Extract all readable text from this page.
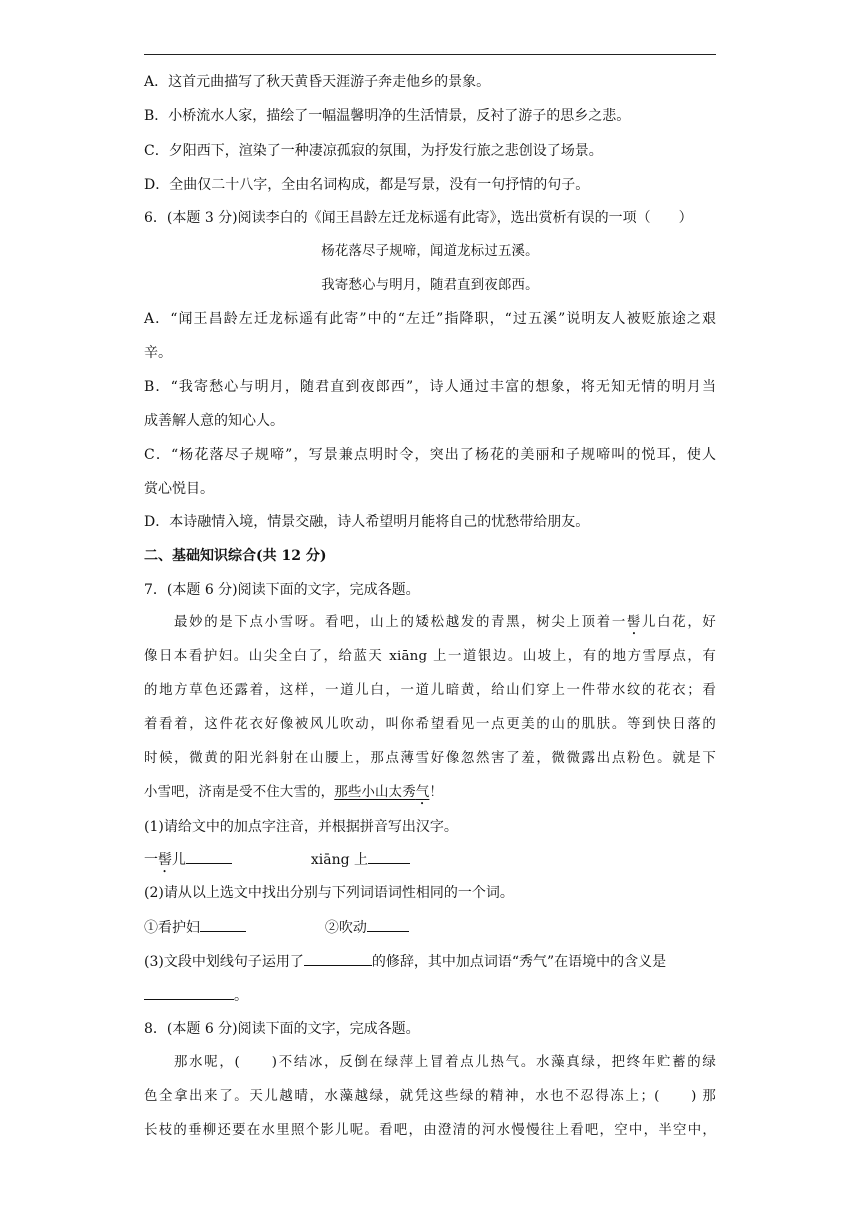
A．这首元曲描写了秋天黄昏天涯游子奔走他乡的景象。
B．小桥流水人家，描绘了一幅温馨明净的生活情景，反衬了游子的思乡之悲。
C．夕阳西下，渲染了一种凄凉孤寂的氛围，为抒发行旅之悲创设了场景。
D．全曲仅二十八字，全由名词构成，都是写景，没有一句抒情的句子。
6．(本题 3 分)阅读李白的《闻王昌龄左迁龙标遥有此寄》，选出赏析有误的一项（　　）
杨花落尽子规啼，闻道龙标过五溪。
我寄愁心与明月，随君直到夜郎西。
A．“闻王昌龄左迁龙标遥有此寄”中的“左迁”指降职，“过五溪”说明友人被贬旅途之艰
辛。
B．“我寄愁心与明月，随君直到夜郎西”，诗人通过丰富的想象，将无知无情的明月当
成善解人意的知心人。
C．“杨花落尽子规啼”，写景兼点明时令，突出了杨花的美丽和子规啼叫的悦耳，使人
赏心悦目。
D．本诗融情入境，情景交融，诗人希望明月能将自己的忧愁带给朋友。
二、基础知识综合(共 12 分)
7．(本题 6 分)阅读下面的文字，完成各题。
最妙的是下点小雪呀。看吧，山上的矮松越发的青黑，树尖上顶着一髻儿白花，好
像日本看护妇。山尖全白了，给蓝天 xiāng 上一道银边。山坡上，有的地方雪厚点，有
的地方草色还露着，这样，一道儿白，一道儿暗黄，给山们穿上一件带水纹的花衣；看
着看着，这件花衣好像被风儿吹动，叫你希望看见一点更美的山的肌肤。等到快日落的
时候，微黄的阳光斜射在山腰上，那点薄雪好像忽然害了羞，微微露出点粉色。就是下
小雪吧，济南是受不住大雪的，那些小山太秀气！
(1)请给文中的加点字注音，并根据拼音写出汉字。
一髻儿	xiāng 上
(2)请从以上选文中找出分别与下列词语词性相同的一个词。
①看护妇	②吹动
(3)文段中划线句子运用了	的修辞，其中加点词语“秀气”在语境中的含义是
。
8．(本题 6 分)阅读下面的文字，完成各题。
那水呢，(　　)不结冰，反倒在绿萍上冒着点儿热气。水藻真绿，把终年贮蓄的绿
色全拿出来了。天儿越晴，水藻越绿，就凭这些绿的精神，水也不忍得冻上；(　　) 那
长枝的垂柳还要在水里照个影儿呢。看吧，由澄清的河水慢慢往上看吧，空中，半空中，
